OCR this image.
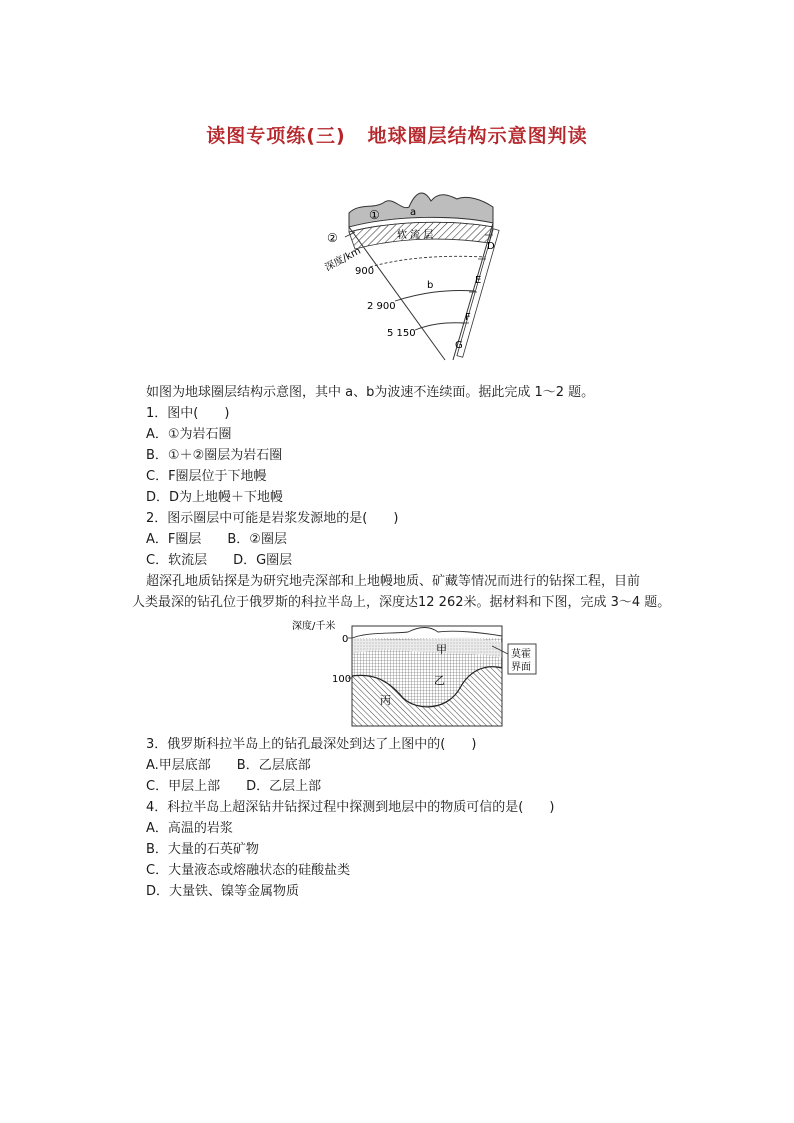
读图专项练(三) 地球圈层结构示意图判读
①
②
a
b
软 流 层
深度/km
900
2 900
5 150
D
E
F
G
如图为地球圈层结构示意图，其中 a、b为波速不连续面。据此完成 1～2 题。
1．图中(　　)
A．①为岩石圈
B．①＋②圈层为岩石圈
C．F圈层位于下地幔
D．D为上地幔＋下地幔
2．图示圈层中可能是岩浆发源地的是(　　)
A．F圈层　　B．②圈层
C．软流层　　D．G圈层
超深孔地质钻探是为研究地壳深部和上地幔地质、矿藏等情况而进行的钻探工程，目前
人类最深的钻孔位于俄罗斯的科拉半岛上，深度达12 262米。据材料和下图，完成 3～4 题。
深度/千米
0
100
甲
乙
丙
莫霍
界面
3．俄罗斯科拉半岛上的钻孔最深处到达了上图中的(　　)
A.甲层底部　　B．乙层底部
C．甲层上部　　D．乙层上部
4．科拉半岛上超深钻井钻探过程中探测到地层中的物质可信的是(　　)
A．高温的岩浆
B．大量的石英矿物
C．大量液态或熔融状态的硅酸盐类
D．大量铁、镍等金属物质
